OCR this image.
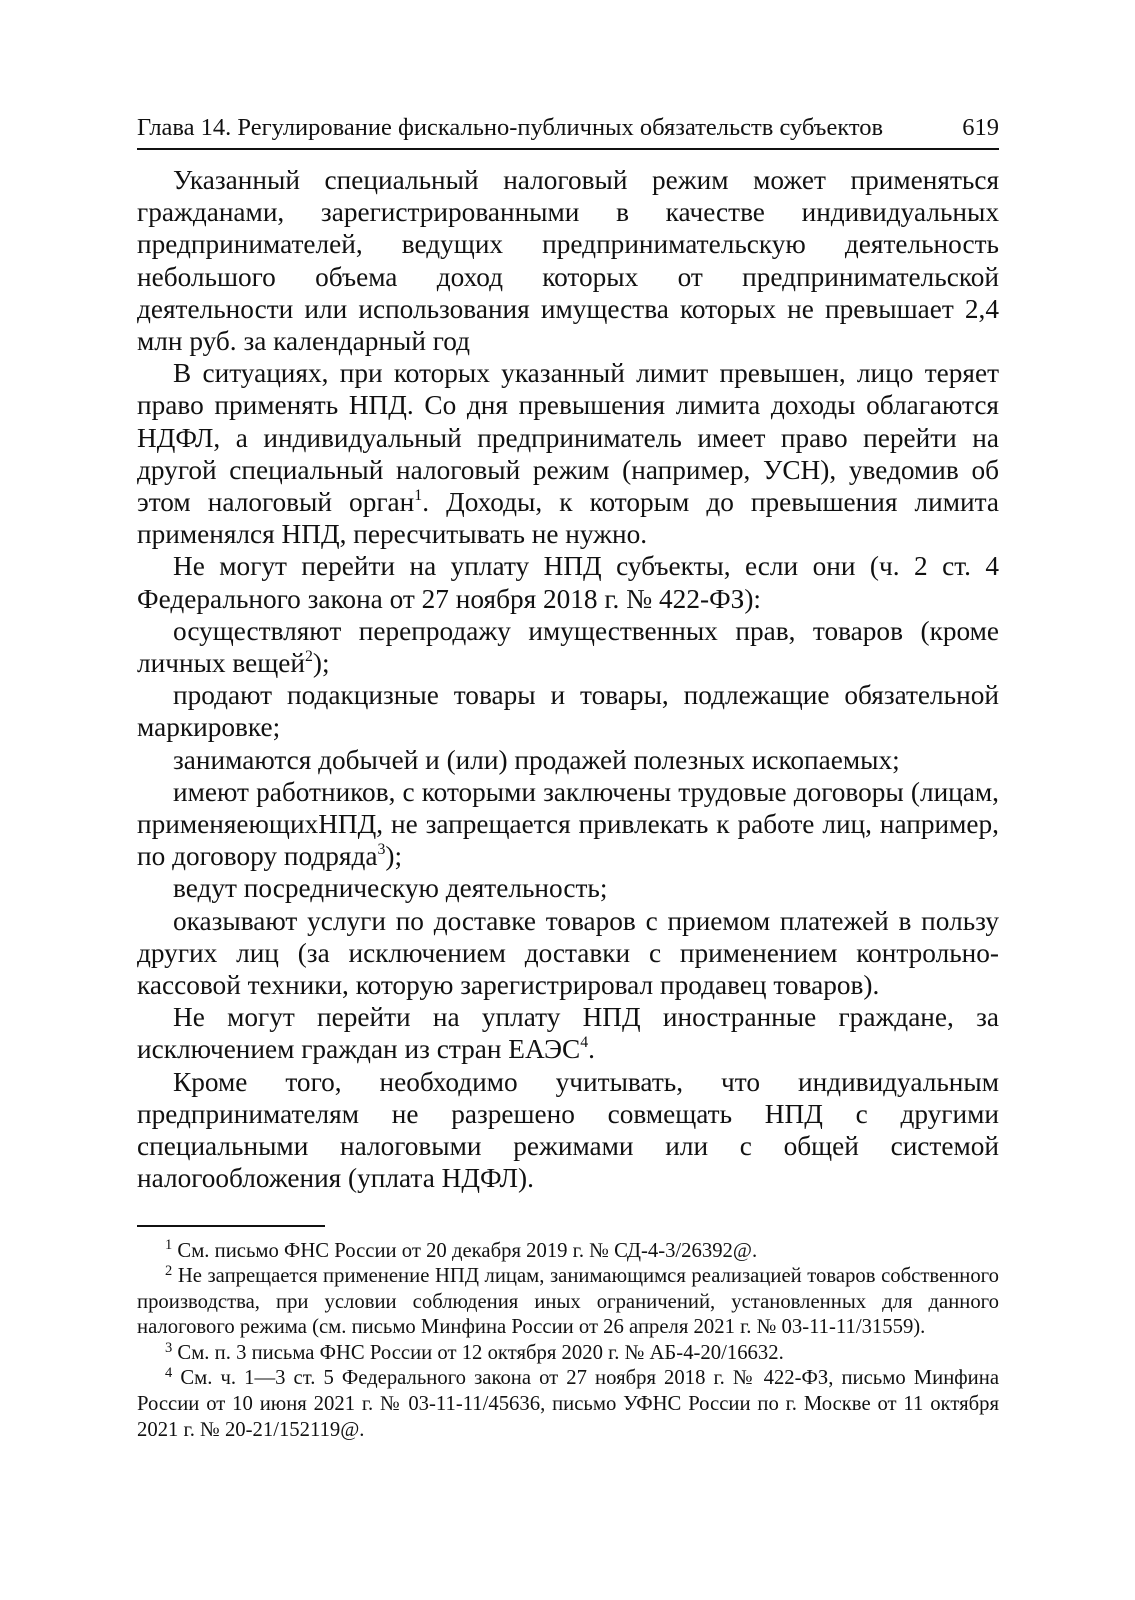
Глава 14. Регулирование фискально-публичных обязательств субъектов	619

Указанный специальный налоговый режим может применяться гражданами, зарегистрированными в качестве индивидуальных предпринимателей, ведущих предпринимательскую деятельность небольшого объема доход которых от предпринимательской деятельности или использования имущества которых не превышает 2,4 млн руб. за календарный год

В ситуациях, при которых указанный лимит превышен, лицо теряет право применять НПД. Со дня превышения лимита доходы облагаются НДФЛ, а индивидуальный предприниматель имеет право перейти на другой специальный налоговый режим (например, УСН), уведомив об этом налоговый орган$^1$. Доходы, к которым до превышения лимита применялся НПД, пересчитывать не нужно.

Не могут перейти на уплату НПД субъекты, если они (ч. 2 ст. 4 Федерального закона от 27 ноября 2018 г. № 422-ФЗ):

осуществляют перепродажу имущественных прав, товаров (кроме личных вещей$^2$);

продают подакцизные товары и товары, подлежащие обязательной маркировке;

занимаются добычей и (или) продажей полезных ископаемых;

имеют работников, с которыми заключены трудовые договоры (лицам, применяеющихНПД, не запрещается привлекать к работе лиц, например, по договору подряда$^3$);

ведут посредническую деятельность;

оказывают услуги по доставке товаров с приемом платежей в пользу других лиц (за исключением доставки с применением контрольно-кассовой техники, которую зарегистрировал продавец товаров).

Не могут перейти на уплату НПД иностранные граждане, за исключением граждан из стран ЕАЭС$^4$.

Кроме того, необходимо учитывать, что индивидуальным предпринимателям не разрешено совмещать НПД с другими специальными налоговыми режимами или с общей системой налогообложения (уплата НДФЛ).

$^1$ См. письмо ФНС России от 20 декабря 2019 г. № СД-4-3/26392@.

$^2$ Не запрещается применение НПД лицам, занимающимся реализацией товаров собственного производства, при условии соблюдения иных ограничений, установленных для данного налогового режима (см. письмо Минфина России от 26 апреля 2021 г. № 03-11-11/31559).

$^3$ См. п. 3 письма ФНС России от 12 октября 2020 г. № АБ-4-20/16632.

$^4$ См. ч. 1—3 ст. 5 Федерального закона от 27 ноября 2018 г. № 422-ФЗ, письмо Минфина России от 10 июня 2021 г. № 03-11-11/45636, письмо УФНС России по г. Москве от 11 октября 2021 г. № 20-21/152119@.
